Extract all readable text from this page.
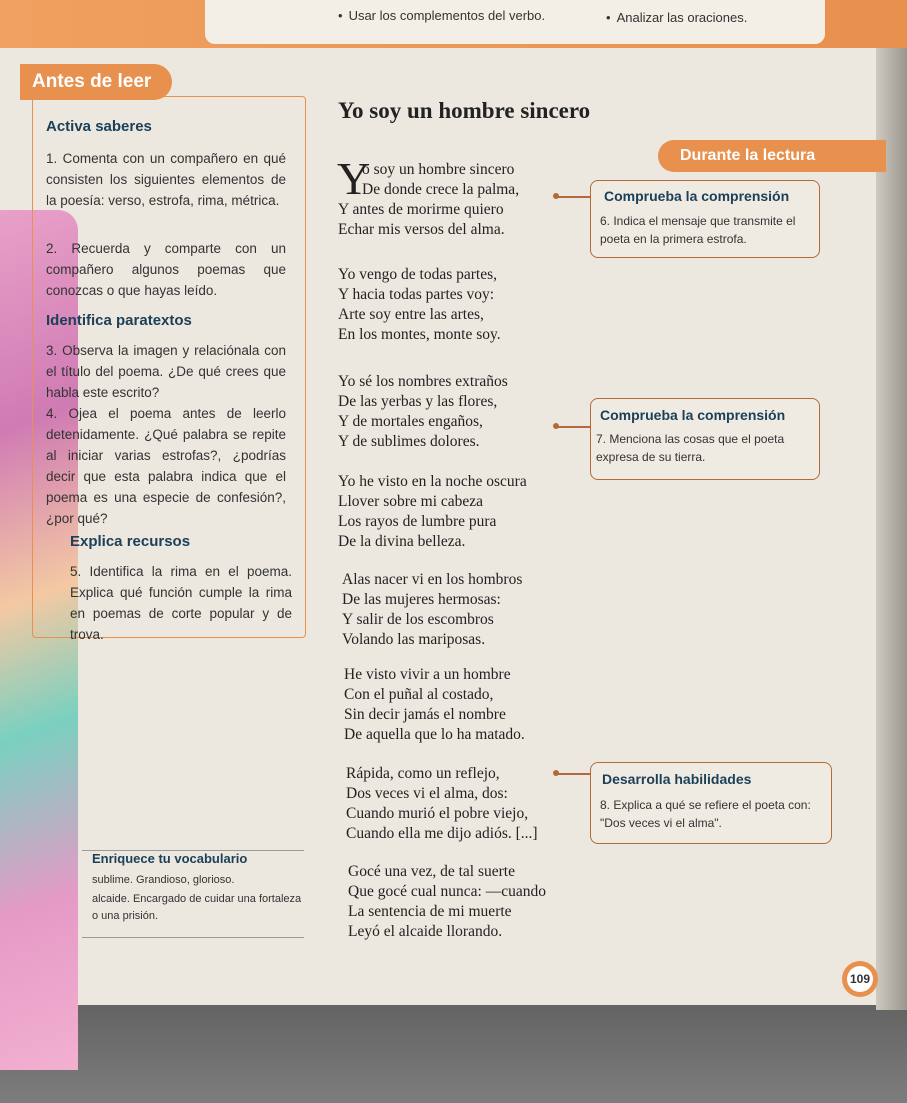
• Usar los complementos del verbo.
•	Analizar las oraciones.
Antes de leer
Activa saberes
1. Comenta con un compañero en qué consisten los siguientes elementos de la poesía: verso, estrofa, rima, métrica.
2. Recuerda y comparte con un compañero algunos poemas que conozcas o que hayas leído.
Identifica paratextos
3. Observa la imagen y relaciónala con el título del poema. ¿De qué crees que habla este escrito?
4. Ojea el poema antes de leerlo detenidamente. ¿Qué palabra se repite al iniciar varias estrofas?, ¿podrías decir que esta palabra indica que el poema es una especie de confesión?, ¿por qué?
Explica recursos
5. Identifica la rima en el poema. Explica qué función cumple la rima en poemas de corte popular y de trova.
Yo soy un hombre sincero
Y
o soy un hombre sincero
De donde crece la palma,
Y antes de morirme quiero
Echar mis versos del alma.
Yo vengo de todas partes,
Y hacia todas partes voy:
Arte soy entre las artes,
En los montes, monte soy.
Yo sé los nombres extraños
De las yerbas y las flores,
Y de mortales engaños,
Y de sublimes dolores.
Yo he visto en la noche oscura
Llover sobre mi cabeza
Los rayos de lumbre pura
De la divina belleza.
Alas nacer vi en los hombros
De las mujeres hermosas:
Y salir de los escombros
Volando las mariposas.
He visto vivir a un hombre
Con el puñal al costado,
Sin decir jamás el nombre
De aquella que lo ha matado.
Rápida, como un reflejo,
Dos veces vi el alma, dos:
Cuando murió el pobre viejo,
Cuando ella me dijo adiós. [...]
Gocé una vez, de tal suerte
Que gocé cual nunca: —cuando
La sentencia de mi muerte
Leyó el alcaide llorando.
Durante la lectura
Comprueba la comprensión
6. Indica el mensaje que transmite el poeta en la primera estrofa.
Comprueba la comprensión
7. Menciona las cosas que el poeta expresa de su tierra.
Desarrolla habilidades
8. Explica a qué se refiere el poeta con: "Dos veces vi el alma".
Enriquece tu vocabulario
sublime. Grandioso, glorioso.
alcaide. Encargado de cuidar una fortaleza o una prisión.
109
